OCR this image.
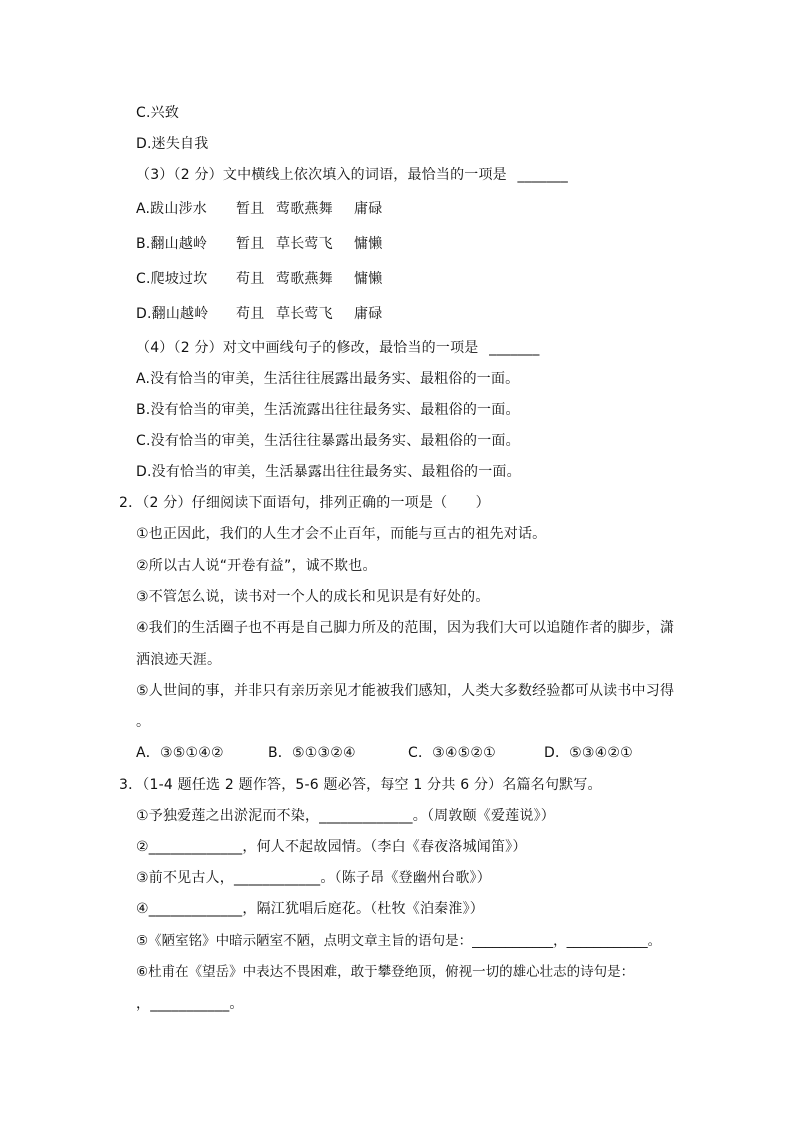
C.兴致
D.迷失自我
（3）（2 分）文中横线上依次填入的词语，最恰当的一项是 _______
A.跋山涉水 暂且 莺歌燕舞 庸碌
B.翻山越岭 暂且 草长莺飞 慵懒
C.爬坡过坎 苟且 莺歌燕舞 慵懒
D.翻山越岭 苟且 草长莺飞 庸碌
（4）（2 分）对文中画线句子的修改，最恰当的一项是 _______
A.没有恰当的审美，生活往往展露出最务实、最粗俗的一面。
B.没有恰当的审美，生活流露出往往最务实、最粗俗的一面。
C.没有恰当的审美，生活往往暴露出最务实、最粗俗的一面。
D.没有恰当的审美，生活暴露出往往最务实、最粗俗的一面。
2．（2 分）仔细阅读下面语句，排列正确的一项是（　　）
①也正因此，我们的人生才会不止百年，而能与亘古的祖先对话。
②所以古人说“开卷有益”，诚不欺也。
③不管怎么说，读书对一个人的成长和见识是有好处的。
④我们的生活圈子也不再是自己脚力所及的范围，因为我们大可以追随作者的脚步，潇
洒浪迹天涯。
⑤人世间的事，并非只有亲历亲见才能被我们感知，人类大多数经验都可从读书中习得
。
A．③⑤①④②	B．⑤①③②④	C．③④⑤②①	D．⑤③④②①
3．（1-4 题任选 2 题作答，5-6 题必答，每空 1 分共 6 分）名篇名句默写。
①予独爱莲之出淤泥而不染，_____________。（周敦颐《爱莲说》）
②_____________，何人不起故园情。（李白《春夜洛城闻笛》）
③前不见古人，____________。（陈子昂《登幽州台歌》）
④_____________，隔江犹唱后庭花。（杜牧《泊秦淮》）
⑤《陋室铭》中暗示陋室不陋，点明文章主旨的语句是：____________，____________。
⑥杜甫在《望岳》中表达不畏困难，敢于攀登绝顶，俯视一切的雄心壮志的诗句是：
，___________。
